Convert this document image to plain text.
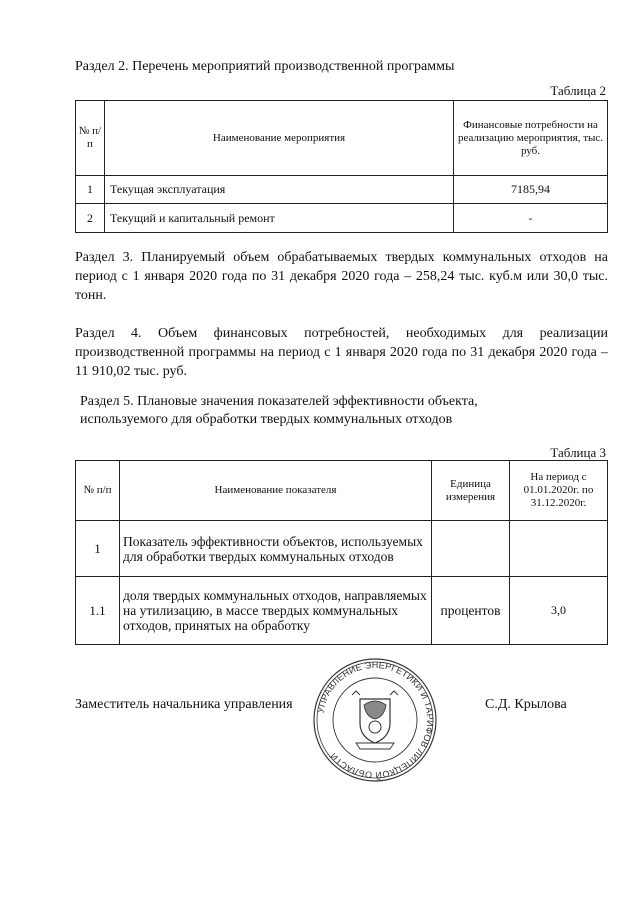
Раздел 2. Перечень мероприятий производственной программы
Таблица 2
№ п/п	Наименование мероприятия	Финансовые потребности на реализацию мероприятия, тыс. руб.
1	Текущая эксплуатация	7185,94
2	Текущий и капитальный ремонт	-
Раздел 3. Планируемый объем обрабатываемых твердых коммунальных отходов на период с 1 января 2020 года по 31 декабря 2020 года – 258,24 тыс. куб.м или 30,0 тыс. тонн.
Раздел 4. Объем финансовых потребностей, необходимых для реализации производственной программы на период с 1 января 2020 года по 31 декабря 2020 года – 11 910,02 тыс. руб.
Раздел 5. Плановые значения показателей эффективности объекта,
используемого для обработки твердых коммунальных отходов
Таблица 3
№ п/п	Наименование показателя	Единица измерения	На период с 01.01.2020г. по 31.12.2020г.
1	Показатель эффективности объектов, используемых для обработки твердых коммунальных отходов		
1.1	доля твердых коммунальных отходов, направляемых на утилизацию, в массе твердых коммунальных отходов, принятых на обработку	процентов	3,0
Заместитель начальника управления	УПРАВЛЕНИЕ ЭНЕРГЕТИКИ И ТАРИФОВ ЛИПЕЦКОЙ ОБЛАСТИ
С.Д. Крылова
